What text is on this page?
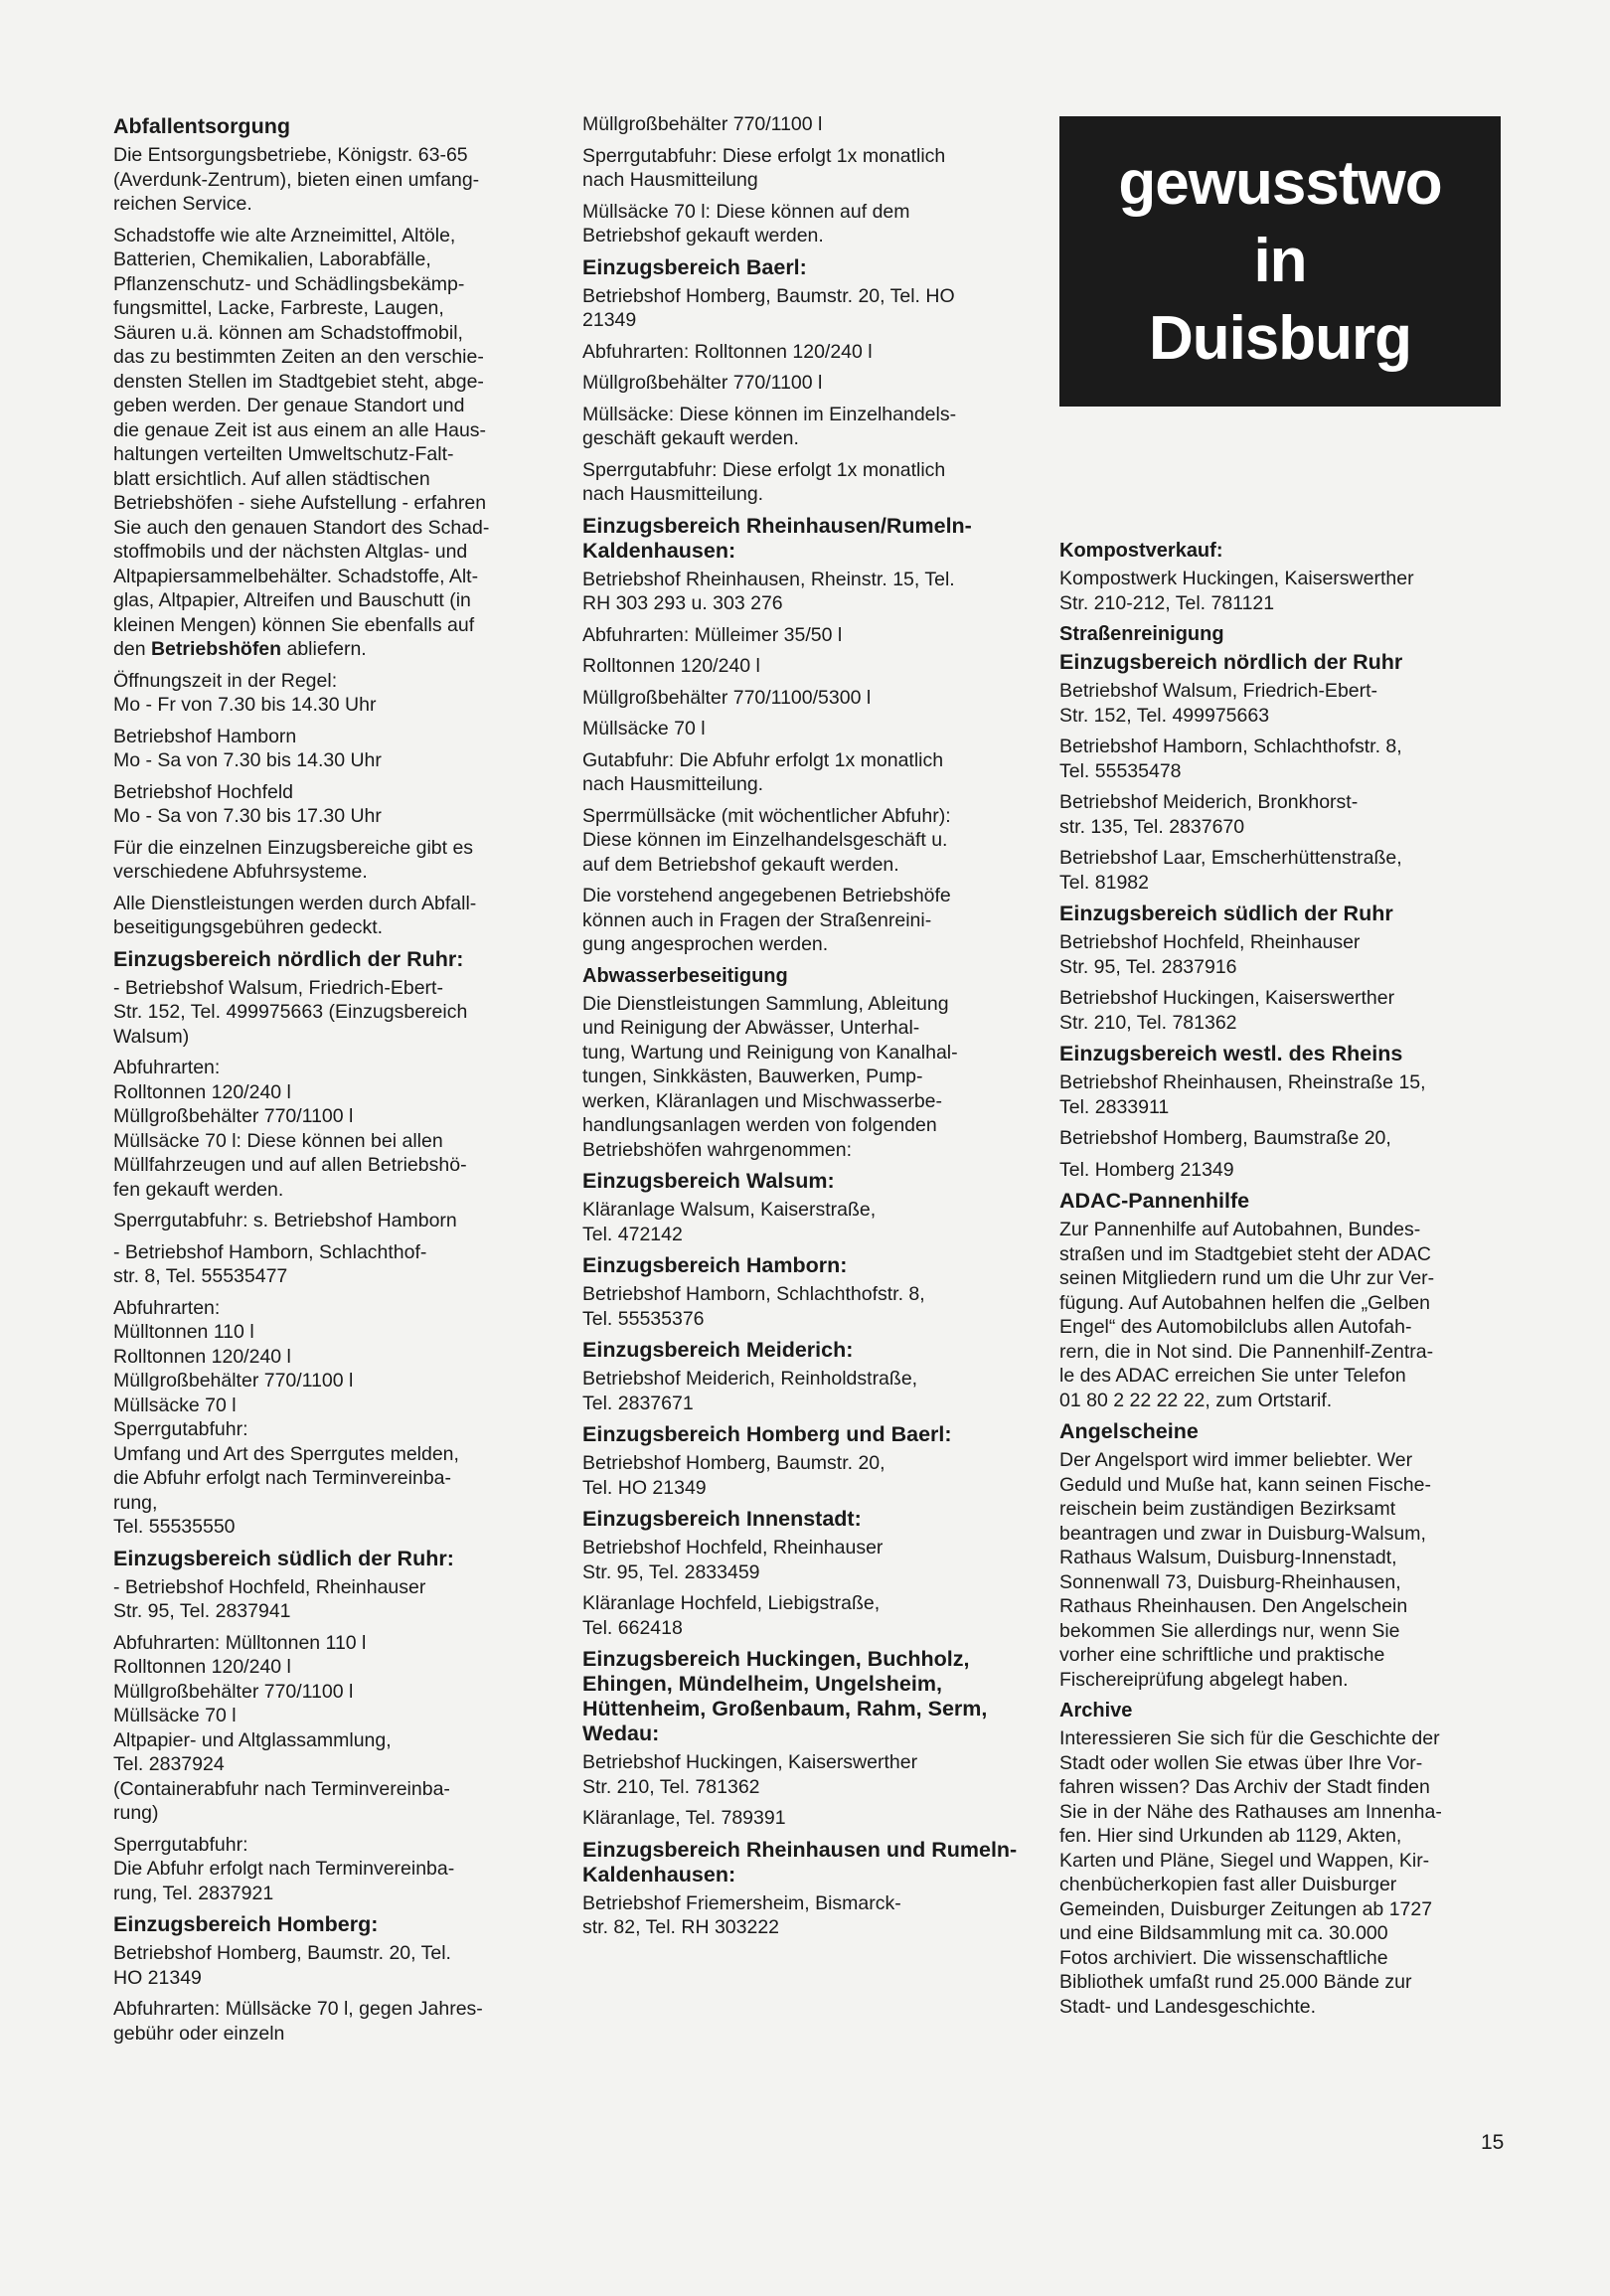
Abfallentsorgung
Die Entsorgungsbetriebe, Königstr. 63-65
(Averdunk-Zentrum), bieten einen umfang-
reichen Service.
Schadstoffe wie alte Arzneimittel, Altöle,
Batterien, Chemikalien, Laborabfälle,
Pflanzenschutz- und Schädlingsbekämp-
fungsmittel, Lacke, Farbreste, Laugen,
Säuren u.ä. können am Schadstoffmobil,
das zu bestimmten Zeiten an den verschie-
densten Stellen im Stadtgebiet steht, abge-
geben werden. Der genaue Standort und
die genaue Zeit ist aus einem an alle Haus-
haltungen verteilten Umweltschutz-Falt-
blatt ersichtlich. Auf allen städtischen
Betriebshöfen - siehe Aufstellung - erfahren
Sie auch den genauen Standort des Schad-
stoffmobils und der nächsten Altglas- und
Altpapiersammelbehälter. Schadstoffe, Alt-
glas, Altpapier, Altreifen und Bauschutt (in
kleinen Mengen) können Sie ebenfalls auf
den Betriebshöfen abliefern.
Öffnungszeit in der Regel:
Mo - Fr von 7.30 bis 14.30 Uhr
Betriebshof Hamborn
Mo - Sa von 7.30 bis 14.30 Uhr
Betriebshof Hochfeld
Mo - Sa von 7.30 bis 17.30 Uhr
Für die einzelnen Einzugsbereiche gibt es
verschiedene Abfuhrsysteme.
Alle Dienstleistungen werden durch Abfall-
beseitigungsgebühren gedeckt.
Einzugsbereich nördlich der Ruhr:
- Betriebshof Walsum, Friedrich-Ebert-
Str. 152, Tel. 499975663 (Einzugsbereich
Walsum)
Abfuhrarten:
Rolltonnen 120/240 l
Müllgroßbehälter 770/1100 l
Müllsäcke 70 l: Diese können bei allen
Müllfahrzeugen und auf allen Betriebshö-
fen gekauft werden.
Sperrgutabfuhr: s. Betriebshof Hamborn
- Betriebshof Hamborn, Schlachthof-
str. 8, Tel. 55535477
Abfuhrarten:
Mülltonnen 110 l
Rolltonnen 120/240 l
Müllgroßbehälter 770/1100 l
Müllsäcke 70 l
Sperrgutabfuhr:
Umfang und Art des Sperrgutes melden,
die Abfuhr erfolgt nach Terminvereinba-
rung,
Tel. 55535550
Einzugsbereich südlich der Ruhr:
- Betriebshof Hochfeld, Rheinhauser
Str. 95, Tel. 2837941
Abfuhrarten: Mülltonnen 110 l
Rolltonnen 120/240 l
Müllgroßbehälter 770/1100 l
Müllsäcke 70 l
Altpapier- und Altglassammlung,
Tel. 2837924
(Containerabfuhr nach Terminvereinba-
rung)
Sperrgutabfuhr:
Die Abfuhr erfolgt nach Terminvereinba-
rung, Tel. 2837921
Einzugsbereich Homberg:
Betriebshof Homberg, Baumstr. 20, Tel.
HO 21349
Abfuhrarten: Müllsäcke 70 l, gegen Jahres-
gebühr oder einzeln
Müllgroßbehälter 770/1100 l
Sperrgutabfuhr: Diese erfolgt 1x monatlich
nach Hausmitteilung
Müllsäcke 70 l: Diese können auf dem
Betriebshof gekauft werden.
Einzugsbereich Baerl:
Betriebshof Homberg, Baumstr. 20, Tel. HO
21349
Abfuhrarten: Rolltonnen 120/240 l
Müllgroßbehälter 770/1100 l
Müllsäcke: Diese können im Einzelhandels-
geschäft gekauft werden.
Sperrgutabfuhr: Diese erfolgt 1x monatlich
nach Hausmitteilung.
Einzugsbereich Rheinhausen/Rumeln-Kaldenhausen:
Betriebshof Rheinhausen, Rheinstr. 15, Tel.
RH 303 293 u. 303 276
Abfuhrarten: Mülleimer 35/50 l
Rolltonnen 120/240 l
Müllgroßbehälter 770/1100/5300 l
Müllsäcke 70 l
Gutabfuhr: Die Abfuhr erfolgt 1x monatlich
nach Hausmitteilung.
Sperrmüllsäcke (mit wöchentlicher Abfuhr):
Diese können im Einzelhandelsgeschäft u.
auf dem Betriebshof gekauft werden.
Die vorstehend angegebenen Betriebshöfe
können auch in Fragen der Straßenreini-
gung angesprochen werden.
Abwasserbeseitigung
Die Dienstleistungen Sammlung, Ableitung
und Reinigung der Abwässer, Unterhal-
tung, Wartung und Reinigung von Kanalhal-
tungen, Sinkkästen, Bauwerken, Pump-
werken, Kläranlagen und Mischwasserbe-
handlungsanlagen werden von folgenden
Betriebshöfen wahrgenommen:
Einzugsbereich Walsum:
Kläranlage Walsum, Kaiserstraße,
Tel. 472142
Einzugsbereich Hamborn:
Betriebshof Hamborn, Schlachthofstr. 8,
Tel. 55535376
Einzugsbereich Meiderich:
Betriebshof Meiderich, Reinholdstraße,
Tel. 2837671
Einzugsbereich Homberg und Baerl:
Betriebshof Homberg, Baumstr. 20,
Tel. HO 21349
Einzugsbereich Innenstadt:
Betriebshof Hochfeld, Rheinhauser
Str. 95, Tel. 2833459
Kläranlage Hochfeld, Liebigstraße,
Tel. 662418
Einzugsbereich Huckingen, Buchholz, Ehingen, Mündelheim, Ungelsheim, Hüttenheim, Großenbaum, Rahm, Serm, Wedau:
Betriebshof Huckingen, Kaiserswerther
Str. 210, Tel. 781362
Kläranlage, Tel. 789391
Einzugsbereich Rheinhausen und Rumeln-Kaldenhausen:
Betriebshof Friemersheim, Bismarck-
str. 82, Tel. RH 303222
gewusstwo
in
Duisburg
Kompostverkauf:
Kompostwerk Huckingen, Kaiserswerther
Str. 210-212, Tel. 781121
Straßenreinigung
Einzugsbereich nördlich der Ruhr
Betriebshof Walsum, Friedrich-Ebert-
Str. 152, Tel. 499975663
Betriebshof Hamborn, Schlachthofstr. 8,
Tel. 55535478
Betriebshof Meiderich, Bronkhorst-
str. 135, Tel. 2837670
Betriebshof Laar, Emscherhüttenstraße,
Tel. 81982
Einzugsbereich südlich der Ruhr
Betriebshof Hochfeld, Rheinhauser
Str. 95, Tel. 2837916
Betriebshof Huckingen, Kaiserswerther
Str. 210, Tel. 781362
Einzugsbereich westl. des Rheins
Betriebshof Rheinhausen, Rheinstraße 15,
Tel. 2833911
Betriebshof Homberg, Baumstraße 20,
Tel. Homberg 21349
ADAC-Pannenhilfe
Zur Pannenhilfe auf Autobahnen, Bundes-
straßen und im Stadtgebiet steht der ADAC
seinen Mitgliedern rund um die Uhr zur Ver-
fügung. Auf Autobahnen helfen die „Gelben
Engel“ des Automobilclubs allen Autofah-
rern, die in Not sind. Die Pannenhilf-Zentra-
le des ADAC erreichen Sie unter Telefon
01 80 2 22 22 22, zum Ortstarif.
Angelscheine
Der Angelsport wird immer beliebter. Wer
Geduld und Muße hat, kann seinen Fische-
reischein beim zuständigen Bezirksamt
beantragen und zwar in Duisburg-Walsum,
Rathaus Walsum, Duisburg-Innenstadt,
Sonnenwall 73, Duisburg-Rheinhausen,
Rathaus Rheinhausen. Den Angelschein
bekommen Sie allerdings nur, wenn Sie
vorher eine schriftliche und praktische
Fischereiprüfung abgelegt haben.
Archive
Interessieren Sie sich für die Geschichte der
Stadt oder wollen Sie etwas über Ihre Vor-
fahren wissen? Das Archiv der Stadt finden
Sie in der Nähe des Rathauses am Innenha-
fen. Hier sind Urkunden ab 1129, Akten,
Karten und Pläne, Siegel und Wappen, Kir-
chenbücherkopien fast aller Duisburger
Gemeinden, Duisburger Zeitungen ab 1727
und eine Bildsammlung mit ca. 30.000
Fotos archiviert. Die wissenschaftliche
Bibliothek umfaßt rund 25.000 Bände zur
Stadt- und Landesgeschichte.
15
